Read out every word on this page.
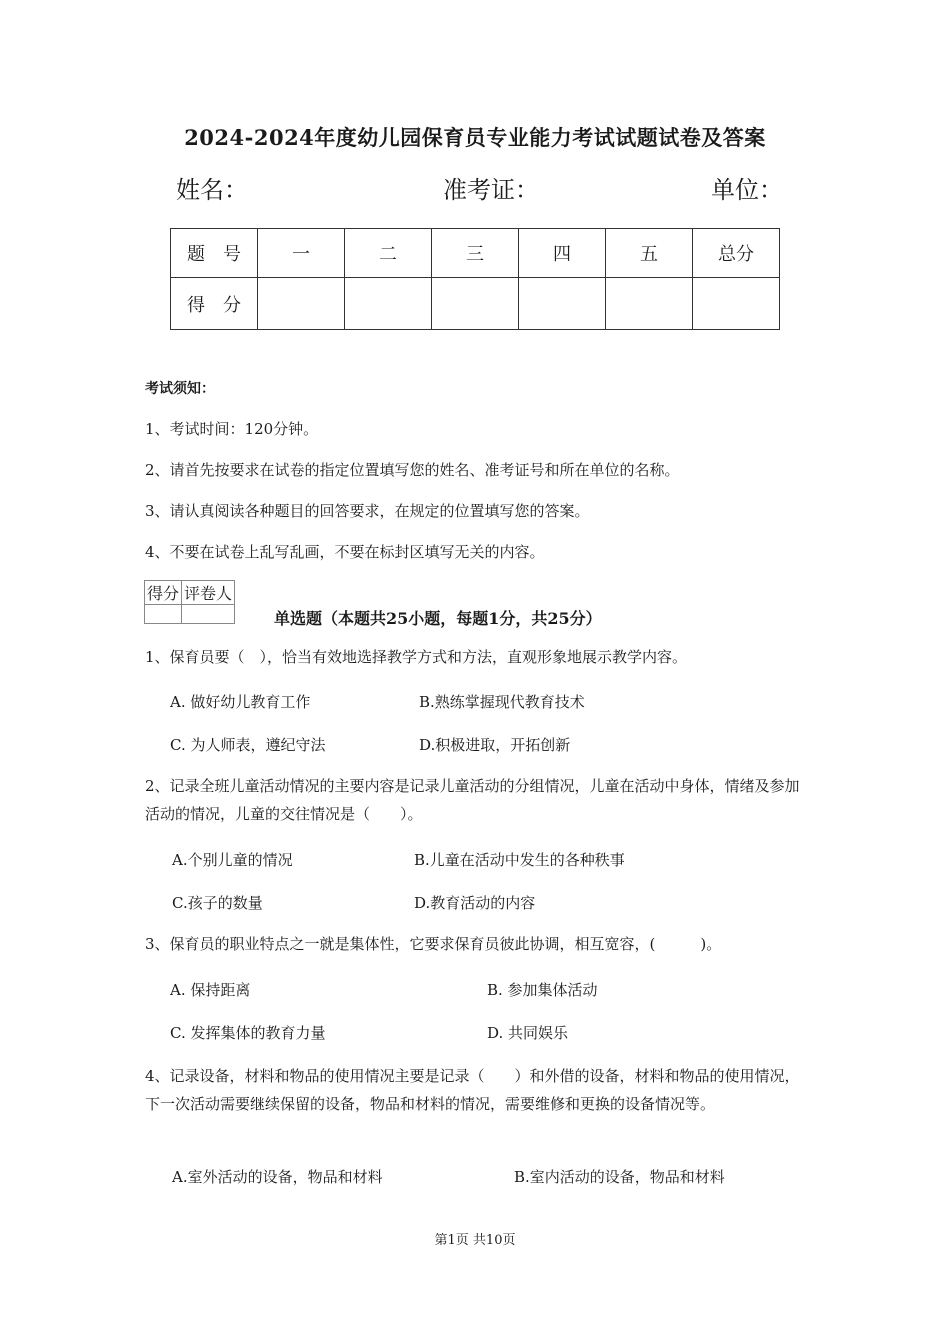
2024-2024年度幼儿园保育员专业能力考试试题试卷及答案
姓名：	准考证：	单位：
题　号	一	二	三	四	五	总分
得　分						
考试须知：
1、考试时间：120分钟。
2、请首先按要求在试卷的指定位置填写您的姓名、准考证号和所在单位的名称。
3、请认真阅读各种题目的回答要求，在规定的位置填写您的答案。
4、不要在试卷上乱写乱画，不要在标封区填写无关的内容。
得分	评卷人

单选题（本题共25小题，每题1分，共25分）
1、保育员要（　），恰当有效地选择教学方式和方法，直观形象地展示教学内容。
A. 做好幼儿教育工作	B.熟练掌握现代教育技术
C. 为人师表，遵纪守法	D.积极进取，开拓创新
2、记录全班儿童活动情况的主要内容是记录儿童活动的分组情况，儿童在活动中身体，情绪及参加活动的情况，儿童的交往情况是（　　）。
A.个别儿童的情况	B.儿童在活动中发生的各种秩事
C.孩子的数量	D.教育活动的内容
3、保育员的职业特点之一就是集体性，它要求保育员彼此协调，相互宽容，(　　　)。
A. 保持距离	B. 参加集体活动
C. 发挥集体的教育力量	D. 共同娱乐
4、记录设备，材料和物品的使用情况主要是记录（　　）和外借的设备，材料和物品的使用情况，下一次活动需要继续保留的设备，物品和材料的情况，需要维修和更换的设备情况等。
A.室外活动的设备，物品和材料	B.室内活动的设备，物品和材料
第1页 共10页
